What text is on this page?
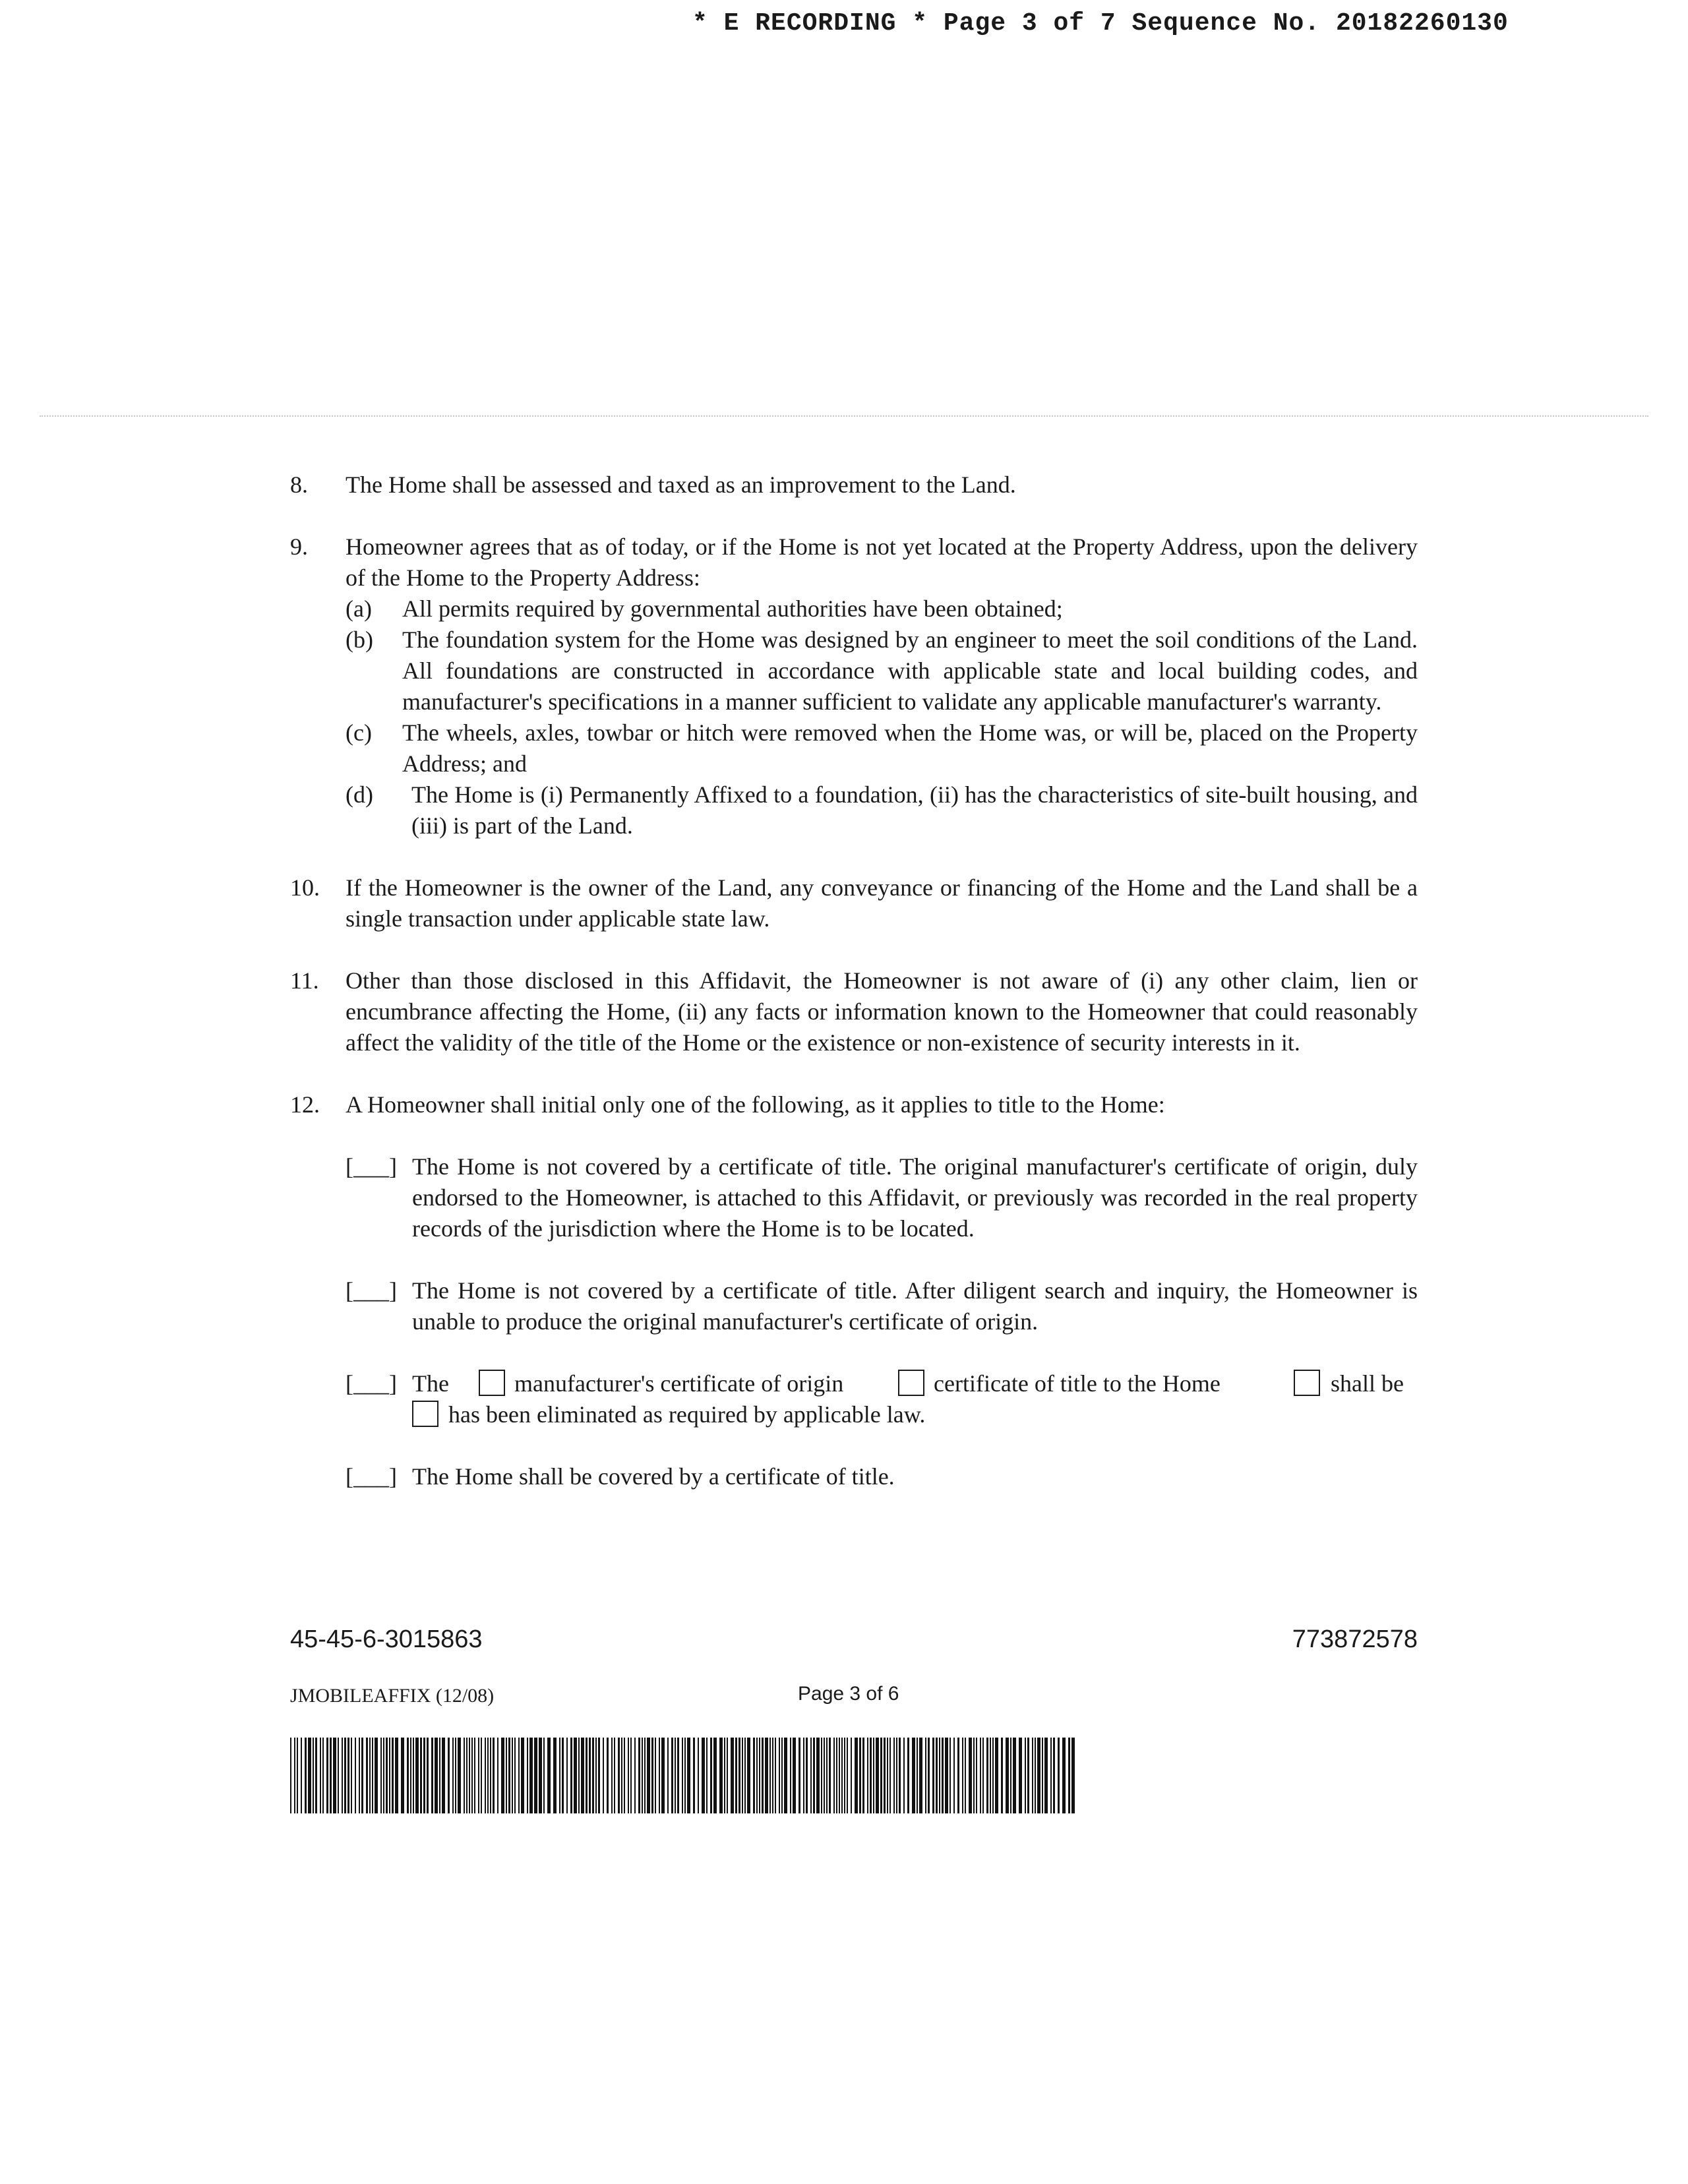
* E RECORDING * Page 3 of 7 Sequence No. 20182260130
8. The Home shall be assessed and taxed as an improvement to the Land.
9. Homeowner agrees that as of today, or if the Home is not yet located at the Property Address, upon the delivery of the Home to the Property Address:
(a) All permits required by governmental authorities have been obtained;
(b) The foundation system for the Home was designed by an engineer to meet the soil conditions of the Land. All foundations are constructed in accordance with applicable state and local building codes, and manufacturer's specifications in a manner sufficient to validate any applicable manufacturer's warranty.
(c) The wheels, axles, towbar or hitch were removed when the Home was, or will be, placed on the Property Address; and
(d) The Home is (i) Permanently Affixed to a foundation, (ii) has the characteristics of site-built housing, and (iii) is part of the Land.
10. If the Homeowner is the owner of the Land, any conveyance or financing of the Home and the Land shall be a single transaction under applicable state law.
11. Other than those disclosed in this Affidavit, the Homeowner is not aware of (i) any other claim, lien or encumbrance affecting the Home, (ii) any facts or information known to the Homeowner that could reasonably affect the validity of the title of the Home or the existence or non-existence of security interests in it.
12. A Homeowner shall initial only one of the following, as it applies to title to the Home:
[___] The Home is not covered by a certificate of title. The original manufacturer's certificate of origin, duly endorsed to the Homeowner, is attached to this Affidavit, or previously was recorded in the real property records of the jurisdiction where the Home is to be located.
[___] The Home is not covered by a certificate of title. After diligent search and inquiry, the Homeowner is unable to produce the original manufacturer's certificate of origin.
[___] The	manufacturer's certificate of origin	certificate of title to the Home	shall be
has been eliminated as required by applicable law.
[___] The Home shall be covered by a certificate of title.
45-45-6-3015863	773872578
JMOBILEAFFIX (12/08)	Page 3 of 6
